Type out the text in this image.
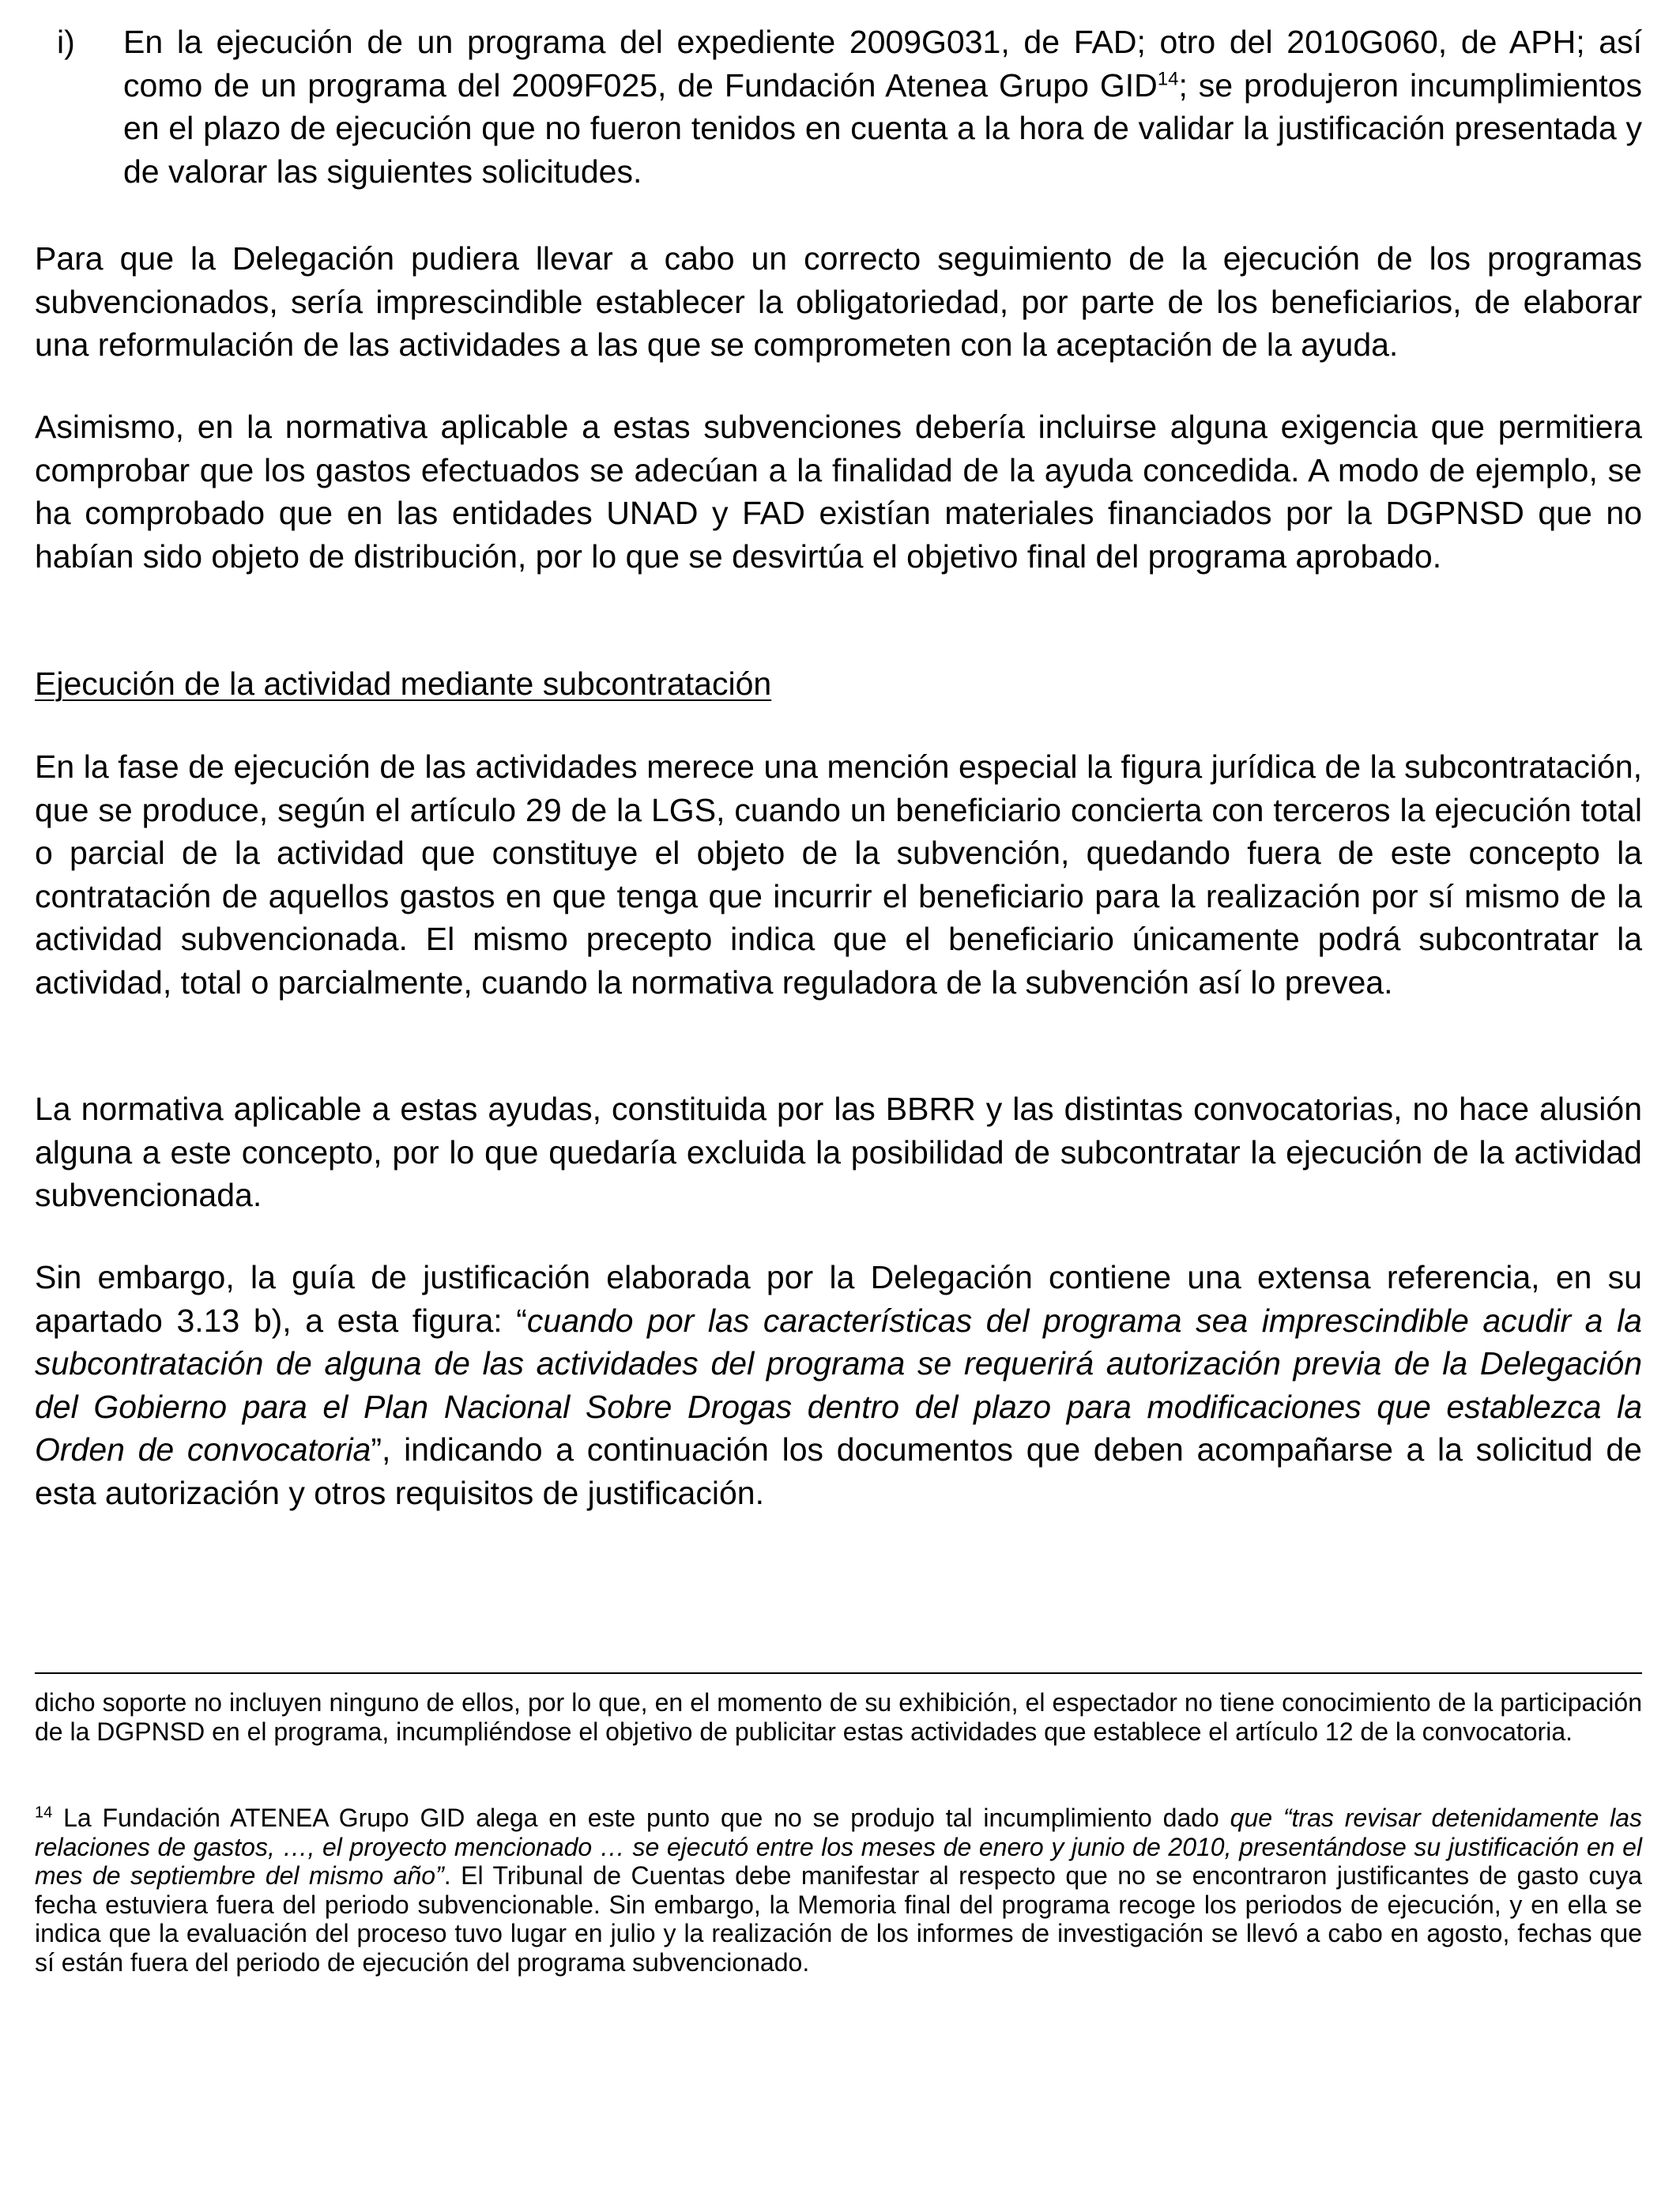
i) En la ejecución de un programa del expediente 2009G031, de FAD; otro del 2010G060, de APH; así como de un programa del 2009F025, de Fundación Atenea Grupo GID$^{14}$; se produjeron incumplimientos en el plazo de ejecución que no fueron tenidos en cuenta a la hora de validar la justificación presentada y de valorar las siguientes solicitudes.

Para que la Delegación pudiera llevar a cabo un correcto seguimiento de la ejecución de los programas subvencionados, sería imprescindible establecer la obligatoriedad, por parte de los beneficiarios, de elaborar una reformulación de las actividades a las que se comprometen con la aceptación de la ayuda.

Asimismo, en la normativa aplicable a estas subvenciones debería incluirse alguna exigencia que permitiera comprobar que los gastos efectuados se adecúan a la finalidad de la ayuda concedida. A modo de ejemplo, se ha comprobado que en las entidades UNAD y FAD existían materiales financiados por la DGPNSD que no habían sido objeto de distribución, por lo que se desvirtúa el objetivo final del programa aprobado.

Ejecución de la actividad mediante subcontratación

En la fase de ejecución de las actividades merece una mención especial la figura jurídica de la subcontratación, que se produce, según el artículo 29 de la LGS, cuando un beneficiario concierta con terceros la ejecución total o parcial de la actividad que constituye el objeto de la subvención, quedando fuera de este concepto la contratación de aquellos gastos en que tenga que incurrir el beneficiario para la realización por sí mismo de la actividad subvencionada. El mismo precepto indica que el beneficiario únicamente podrá subcontratar la actividad, total o parcialmente, cuando la normativa reguladora de la subvención así lo prevea.

La normativa aplicable a estas ayudas, constituida por las BBRR y las distintas convocatorias, no hace alusión alguna a este concepto, por lo que quedaría excluida la posibilidad de subcontratar la ejecución de la actividad subvencionada.

Sin embargo, la guía de justificación elaborada por la Delegación contiene una extensa referencia, en su apartado 3.13 b), a esta figura: “cuando por las características del programa sea imprescindible acudir a la subcontratación de alguna de las actividades del programa se requerirá autorización previa de la Delegación del Gobierno para el Plan Nacional Sobre Drogas dentro del plazo para modificaciones que establezca la Orden de convocatoria”, indicando a continuación los documentos que deben acompañarse a la solicitud de esta autorización y otros requisitos de justificación.

dicho soporte no incluyen ninguno de ellos, por lo que, en el momento de su exhibición, el espectador no tiene conocimiento de la participación de la DGPNSD en el programa, incumpliéndose el objetivo de publicitar estas actividades que establece el artículo 12 de la convocatoria.

$^{14}$ La Fundación ATENEA Grupo GID alega en este punto que no se produjo tal incumplimiento dado que “tras revisar detenidamente las relaciones de gastos, …, el proyecto mencionado … se ejecutó entre los meses de enero y junio de 2010, presentándose su justificación en el mes de septiembre del mismo año”. El Tribunal de Cuentas debe manifestar al respecto que no se encontraron justificantes de gasto cuya fecha estuviera fuera del periodo subvencionable. Sin embargo, la Memoria final del programa recoge los periodos de ejecución, y en ella se indica que la evaluación del proceso tuvo lugar en julio y la realización de los informes de investigación se llevó a cabo en agosto, fechas que sí están fuera del periodo de ejecución del programa subvencionado.
